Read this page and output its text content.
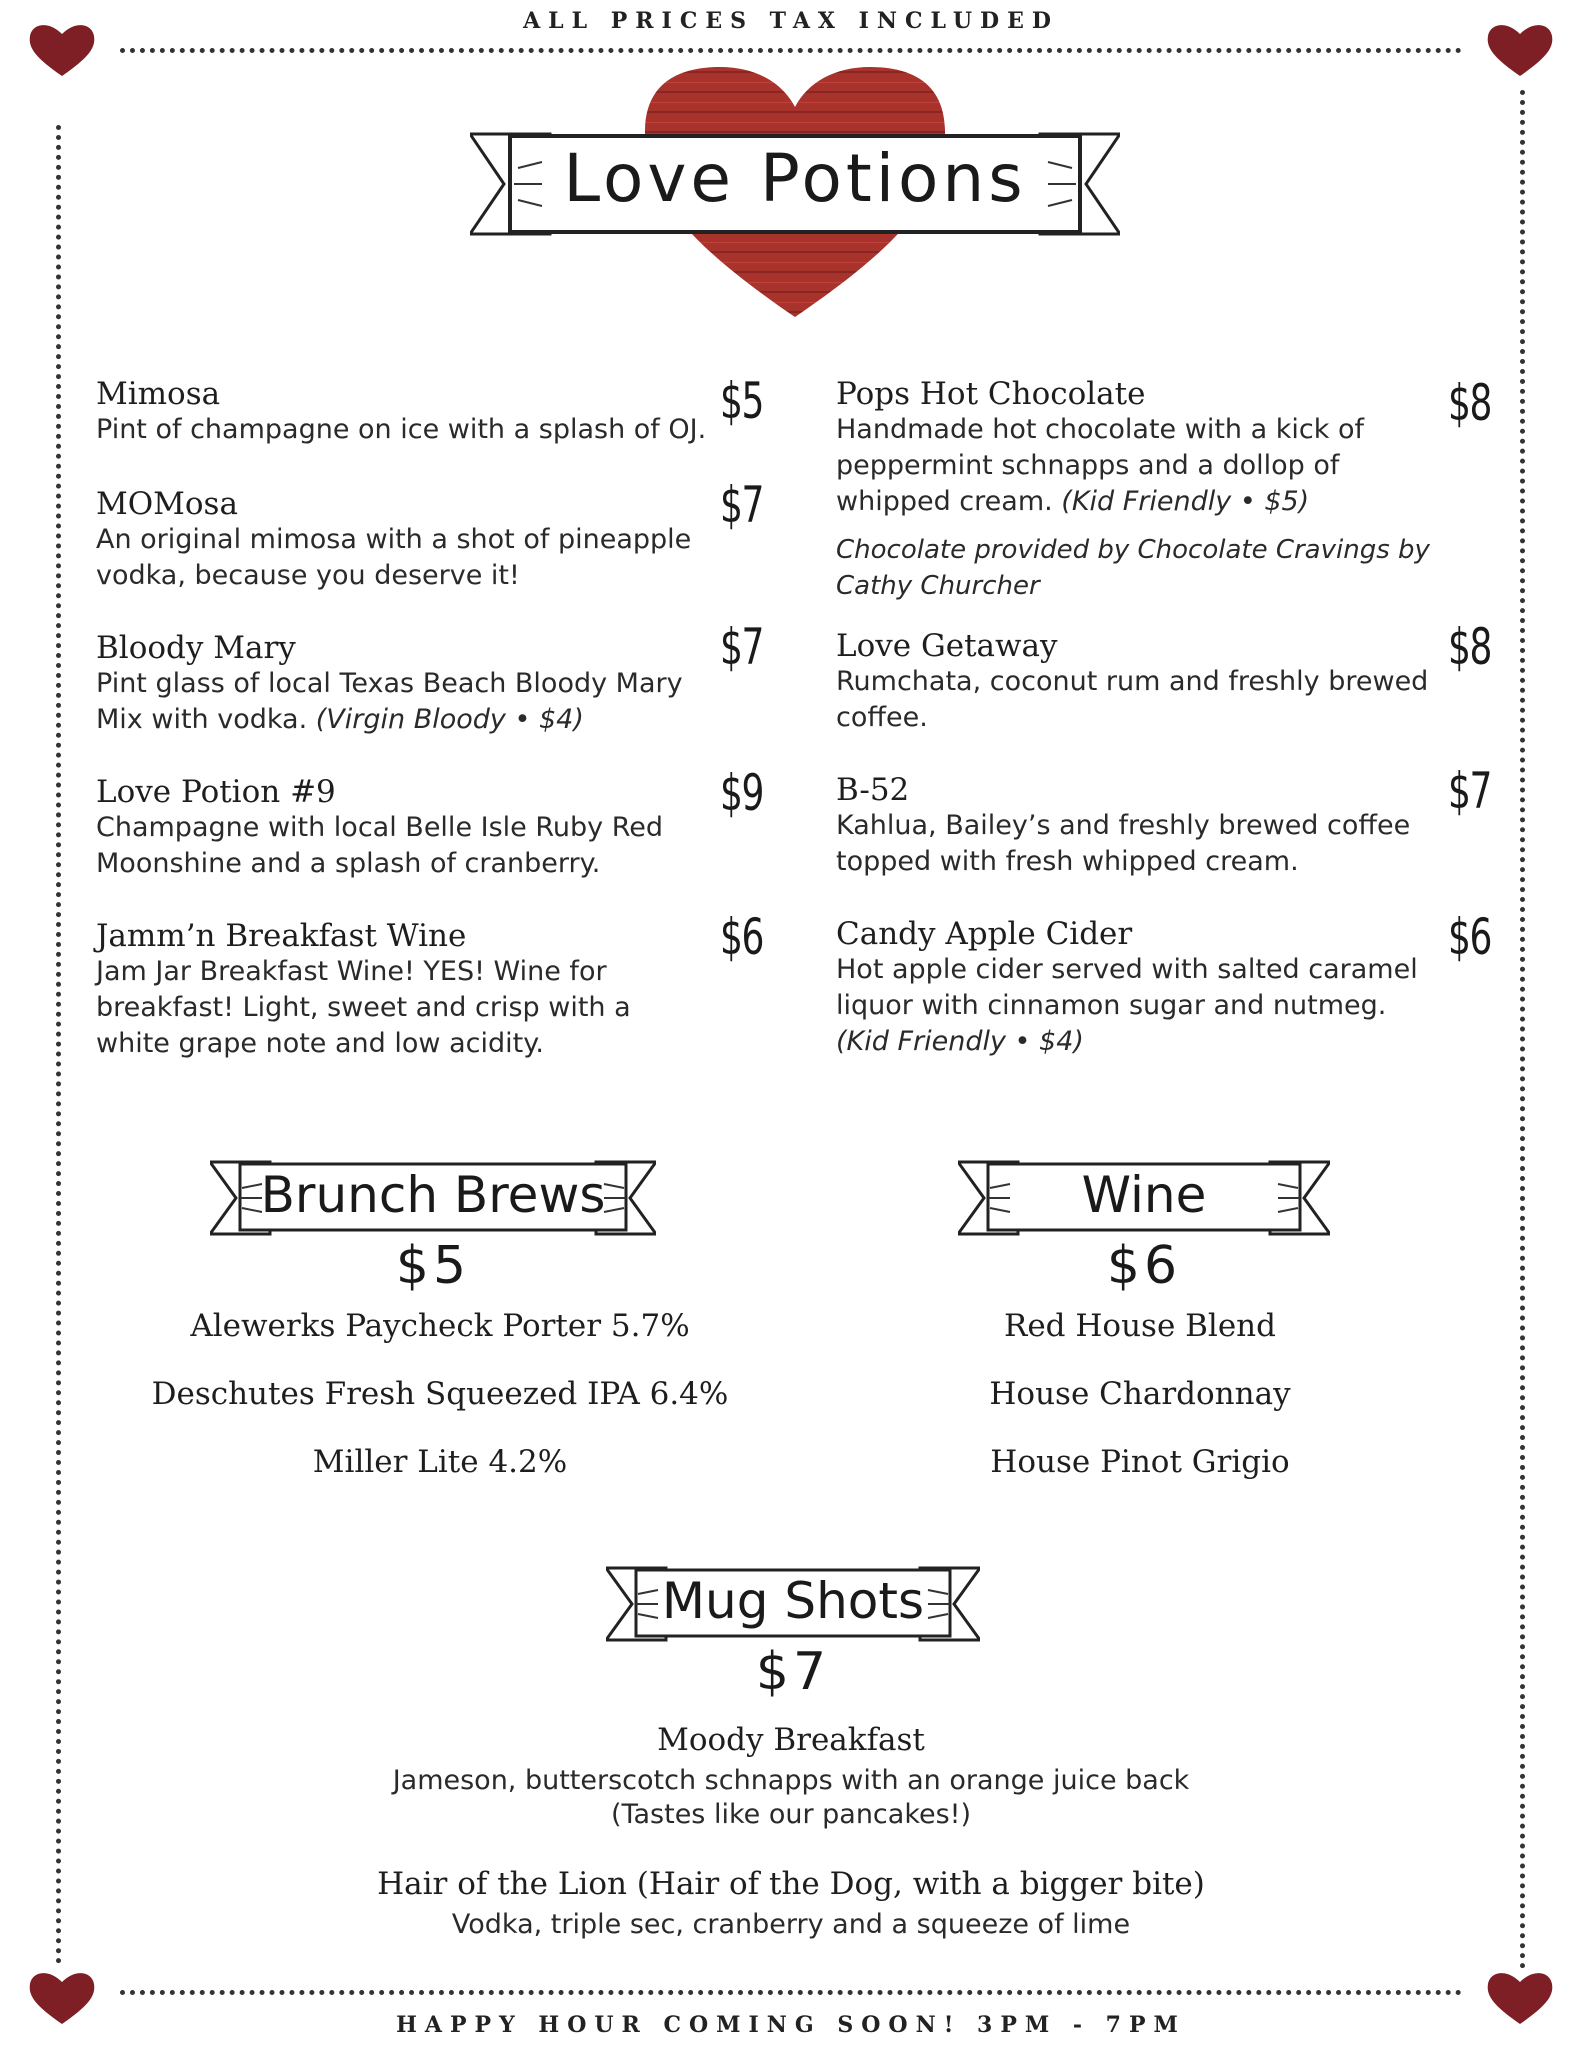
ALL PRICES TAX INCLUDED
HAPPY HOUR COMING SOON! 3PM - 7PM
Love Potions
Mimosa
Pint of champagne on ice with a splash of OJ.
MOMosa
An original mimosa with a shot of pineapple vodka, because you deserve it!
Bloody Mary
Pint glass of local Texas Beach Bloody Mary Mix with vodka. (Virgin Bloody • $4)
Love Potion #9
Champagne with local Belle Isle Ruby Red Moonshine and a splash of cranberry.
Jamm’n Breakfast Wine
Jam Jar Breakfast Wine! YES! Wine for breakfast! Light, sweet and crisp with a white grape note and low acidity.
$5
$7
$7
$9
$6
Pops Hot Chocolate
Handmade hot chocolate with a kick of peppermint schnapps and a dollop of whipped cream. (Kid Friendly • $5)
Chocolate provided by Chocolate Cravings by Cathy Churcher
Love Getaway
Rumchata, coconut rum and freshly brewed coffee.
B-52
Kahlua, Bailey’s and freshly brewed coffee topped with fresh whipped cream.
Candy Apple Cider
Hot apple cider served with salted caramel liquor with cinnamon sugar and nutmeg. (Kid Friendly • $4)
$8
$8
$7
$6
Brunch Brews
$5
Alewerks Paycheck Porter 5.7%
Deschutes Fresh Squeezed IPA 6.4%
Miller Lite 4.2%
Wine
$6
Red House Blend
House Chardonnay
House Pinot Grigio
Mug Shots
$7
Moody Breakfast
Jameson, butterscotch schnapps with an orange juice back
(Tastes like our pancakes!)
Hair of the Lion (Hair of the Dog, with a bigger bite)
Vodka, triple sec, cranberry and a squeeze of lime
